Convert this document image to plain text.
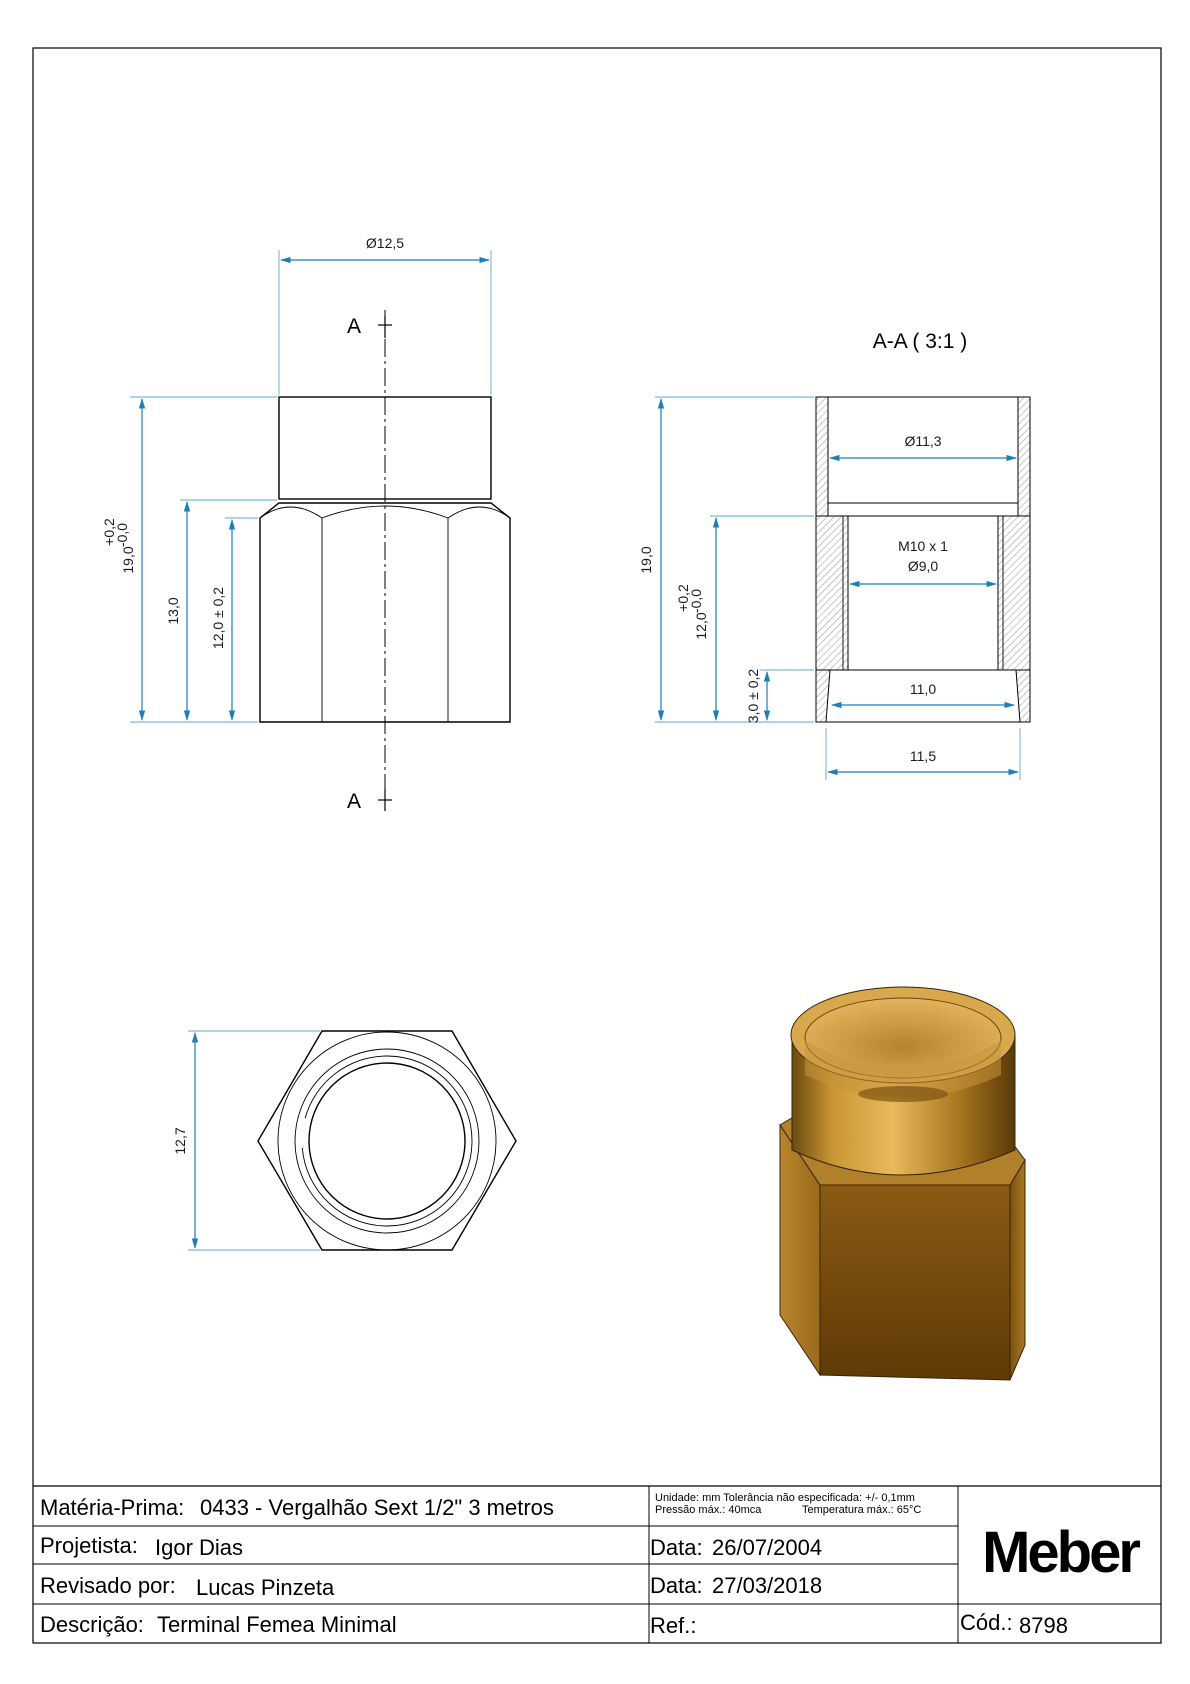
A
A
Ø12,5
19,0
+0,2
-0,0
13,0 12,0 ± 0,2
A-A ( 3:1 )
Ø11,3
M10 x 1
Ø9,0
11,0
11,5
19,0
12,0
+0,2
-0,0
3,0 ± 0,2
12,7
Matéria-Prima: 0433 - Vergalhão Sext 1/2" 3 metros
Projetista: Igor Dias
Revisado por: Lucas Pinzeta
Descrição: Terminal Femea Minimal
Unidade: mm Tolerância não especificada: +/- 0,1mm
Pressão máx.: 40mca	Temperatura máx.: 65°C
Data: 26/07/2004
Data: 27/03/2018
Ref.:
Meber
Cód.: 8798
